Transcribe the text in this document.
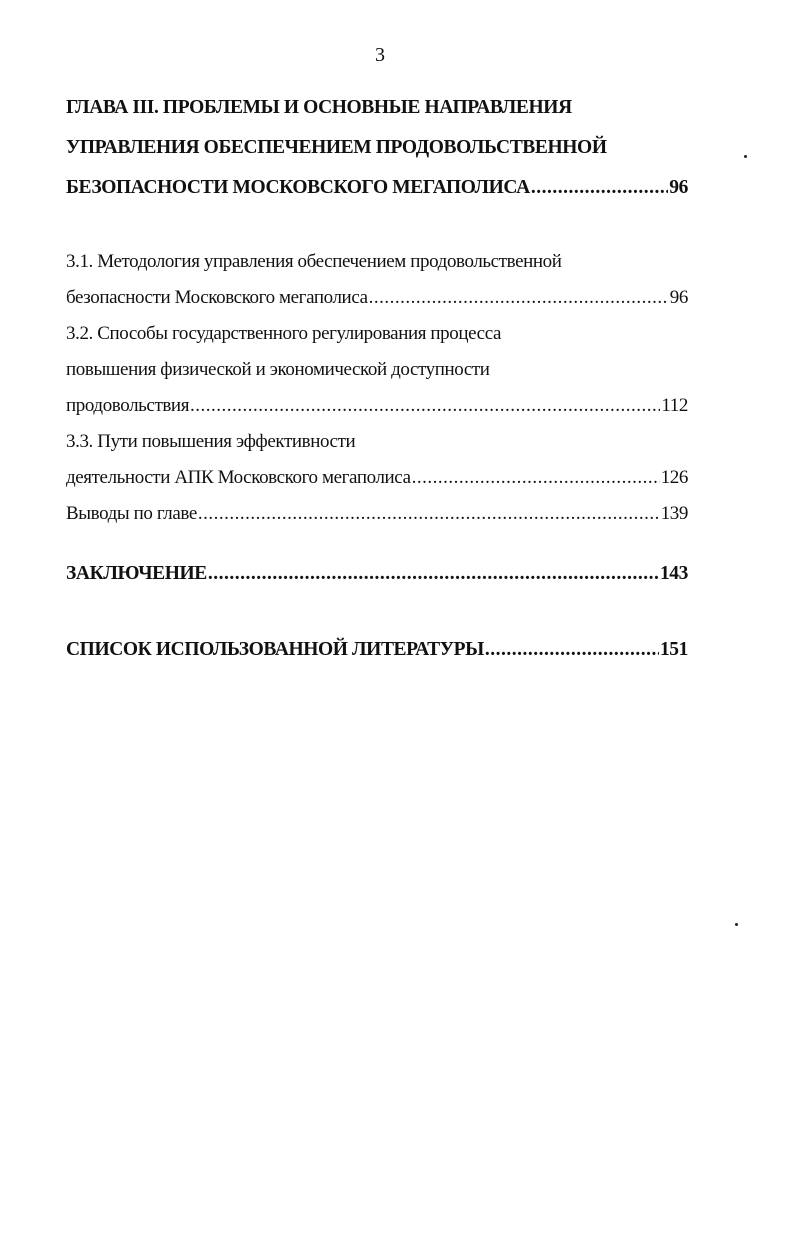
3
ГЛАВА III. ПРОБЛЕМЫ И ОСНОВНЫЕ НАПРАВЛЕНИЯ
УПРАВЛЕНИЯ ОБЕСПЕЧЕНИЕМ ПРОДОВОЛЬСТВЕННОЙ
БЕЗОПАСНОСТИ МОСКОВСКОГО МЕГАПОЛИСА .....	96
3.1. Методология управления обеспечением продовольственной
безопасности Московского мегаполиса .....	96
3.2. Способы государственного регулирования процесса
повышения физической и экономической доступности
продовольствия .....	112
3.3. Пути повышения эффективности
деятельности АПК Московского мегаполиса .....	126
Выводы по главе .....	139
ЗАКЛЮЧЕНИЕ .....	143
СПИСОК ИСПОЛЬЗОВАННОЙ ЛИТЕРАТУРЫ .....	151
